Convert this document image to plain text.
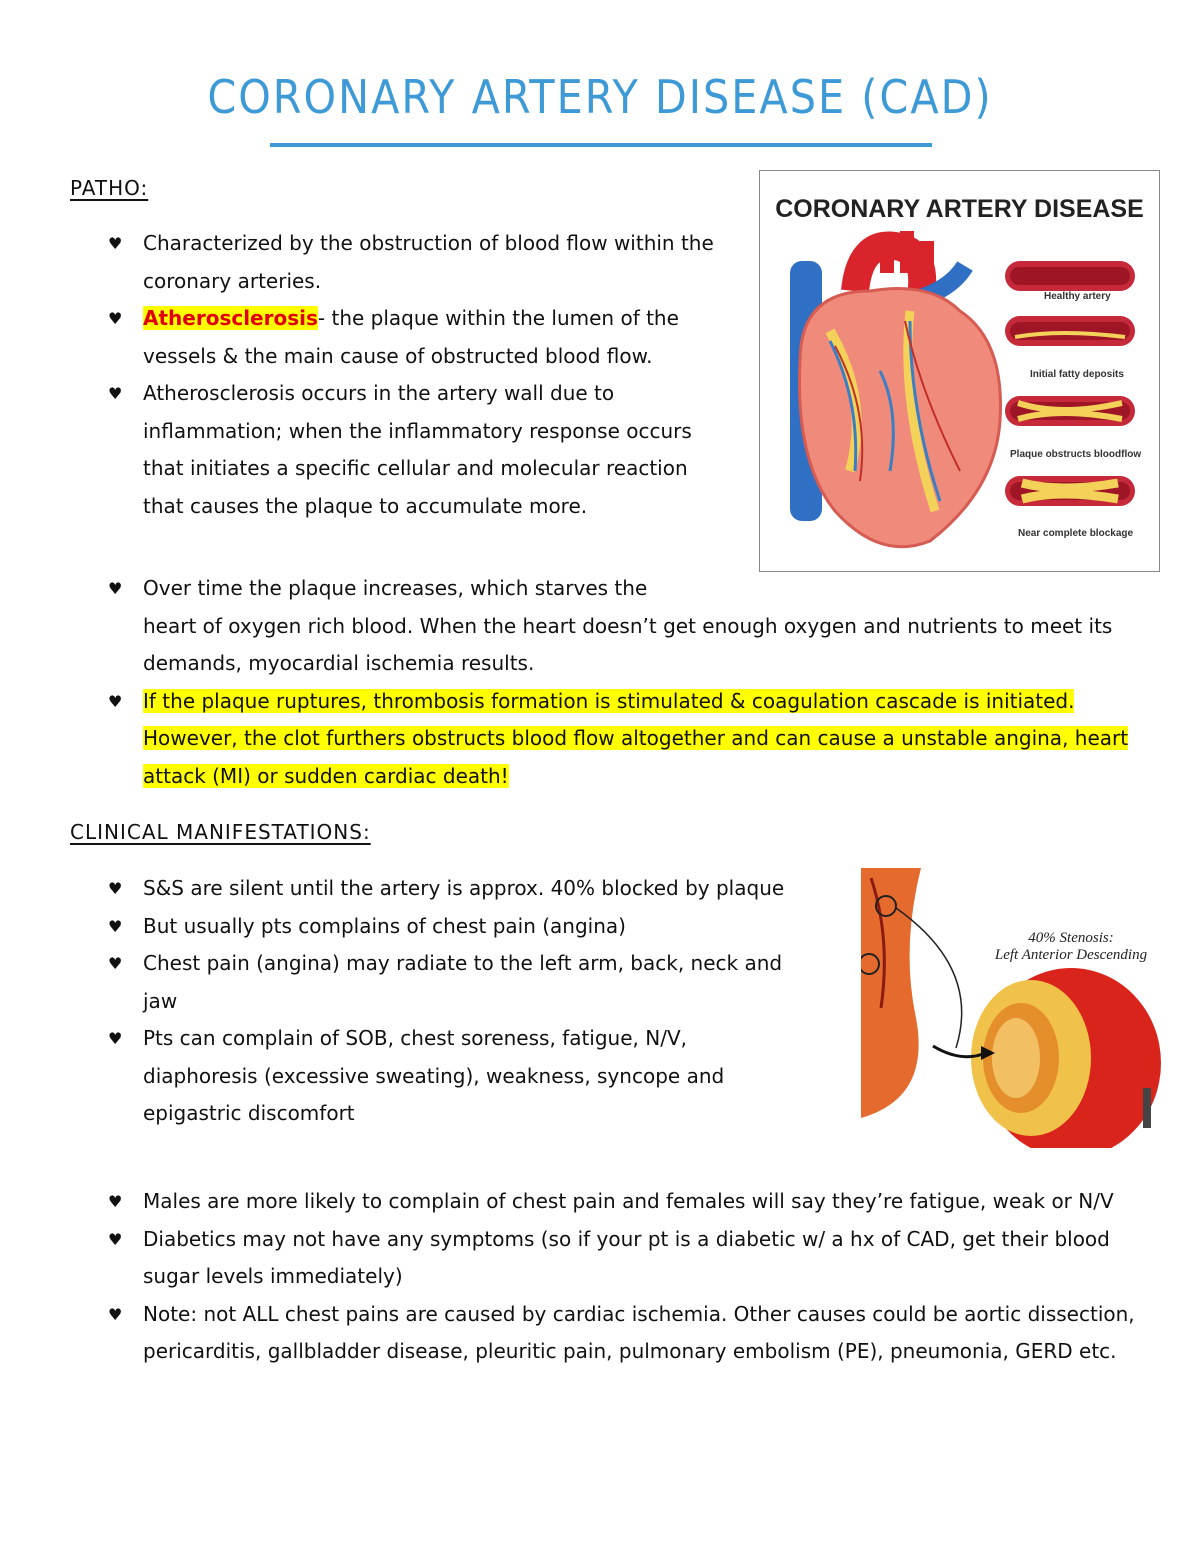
CORONARY ARTERY DISEASE (CAD)
PATHO:
♥ Characterized by the obstruction of blood flow within the coronary arteries.
♥ Atherosclerosis- the plaque within the lumen of the vessels & the main cause of obstructed blood flow.
♥ Atherosclerosis occurs in the artery wall due to inflammation; when the inflammatory response occurs that initiates a specific cellular and molecular reaction that causes the plaque to accumulate more.
♥ Over time the plaque increases, which starves the
heart of oxygen rich blood. When the heart doesn’t get enough oxygen and nutrients to meet its demands, myocardial ischemia results.
♥ If the plaque ruptures, thrombosis formation is stimulated & coagulation cascade is initiated. However, the clot furthers obstructs blood flow altogether and can cause a unstable angina, heart attack (MI) or sudden cardiac death!
CORONARY ARTERY DISEASE
Healthy artery
Initial fatty deposits
Plaque obstructs bloodflow
Near complete blockage
CLINICAL MANIFESTATIONS:
♥ S&S are silent until the artery is approx. 40% blocked by plaque
♥ But usually pts complains of chest pain (angina)
♥ Chest pain (angina) may radiate to the left arm, back, neck and jaw
♥ Pts can complain of SOB, chest soreness, fatigue, N/V, diaphoresis (excessive sweating), weakness, syncope and epigastric discomfort
♥ Males are more likely to complain of chest pain and females will say they’re fatigue, weak or N/V
♥ Diabetics may not have any symptoms (so if your pt is a diabetic w/ a hx of CAD, get their blood sugar levels immediately)
♥ Note: not ALL chest pains are caused by cardiac ischemia. Other causes could be aortic dissection, pericarditis, gallbladder disease, pleuritic pain, pulmonary embolism (PE), pneumonia, GERD etc.
40% Stenosis:
Left Anterior Descending
